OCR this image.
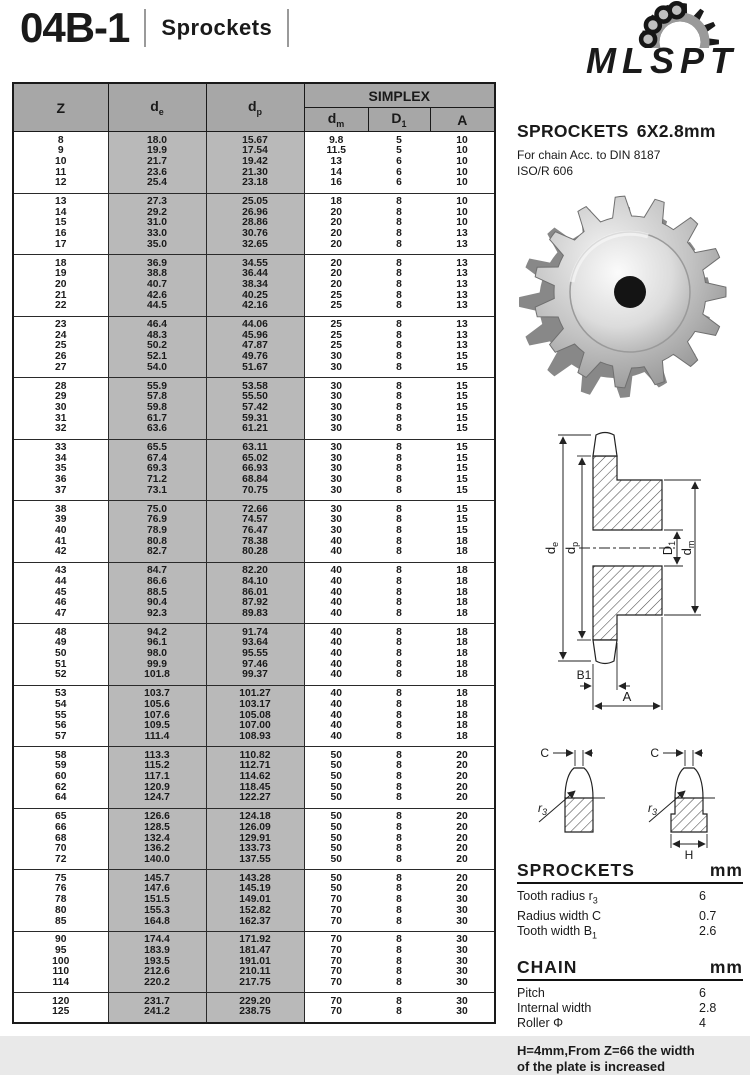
04B-1 Sprockets
MLSPT
Z	$d_e$	$d_p$	SIMPLEX		
			$d_m$	$D_1$	A
8	18.0	15.67	9.8	5	10
9	19.9	17.54	11.5	5	10
10	21.7	19.42	13	6	10
11	23.6	21.30	14	6	10
12	25.4	23.18	16	6	10
13	27.3	25.05	18	8	10
14	29.2	26.96	20	8	10
15	31.0	28.86	20	8	10
16	33.0	30.76	20	8	13
17	35.0	32.65	20	8	13
18	36.9	34.55	20	8	13
19	38.8	36.44	20	8	13
20	40.7	38.34	20	8	13
21	42.6	40.25	25	8	13
22	44.5	42.16	25	8	13
23	46.4	44.06	25	8	13
24	48.3	45.96	25	8	13
25	50.2	47.87	25	8	13
26	52.1	49.76	30	8	15
27	54.0	51.67	30	8	15
28	55.9	53.58	30	8	15
29	57.8	55.50	30	8	15
30	59.8	57.42	30	8	15
31	61.7	59.31	30	8	15
32	63.6	61.21	30	8	15
33	65.5	63.11	30	8	15
34	67.4	65.02	30	8	15
35	69.3	66.93	30	8	15
36	71.2	68.84	30	8	15
37	73.1	70.75	30	8	15
38	75.0	72.66	30	8	15
39	76.9	74.57	30	8	15
40	78.9	76.47	30	8	15
41	80.8	78.38	40	8	18
42	82.7	80.28	40	8	18
43	84.7	82.20	40	8	18
44	86.6	84.10	40	8	18
45	88.5	86.01	40	8	18
46	90.4	87.92	40	8	18
47	92.3	89.83	40	8	18
48	94.2	91.74	40	8	18
49	96.1	93.64	40	8	18
50	98.0	95.55	40	8	18
51	99.9	97.46	40	8	18
52	101.8	99.37	40	8	18
53	103.7	101.27	40	8	18
54	105.6	103.17	40	8	18
55	107.6	105.08	40	8	18
56	109.5	107.00	40	8	18
57	111.4	108.93	40	8	18
58	113.3	110.82	50	8	20
59	115.2	112.71	50	8	20
60	117.1	114.62	50	8	20
62	120.9	118.45	50	8	20
64	124.7	122.27	50	8	20
65	126.6	124.18	50	8	20
66	128.5	126.09	50	8	20
68	132.4	129.91	50	8	20
70	136.2	133.73	50	8	20
72	140.0	137.55	50	8	20
75	145.7	143.28	50	8	20
76	147.6	145.19	50	8	20
78	151.5	149.01	70	8	30
80	155.3	152.82	70	8	30
85	164.8	162.37	70	8	30
90	174.4	171.92	70	8	30
95	183.9	181.47	70	8	30
100	193.5	191.01	70	8	30
110	212.6	210.11	70	8	30
114	220.2	217.75	70	8	30
120	231.7	229.20	70	8	30
125	241.2	238.75	70	8	30
SPROCKETS 6X2.8mm
For chain Acc. to DIN 8187
ISO/R 606
$d_e$
$d_p$
$D_1$
$d_m$
B1
A
C
$r_3$
C
$r_3$
H
SPROCKETS	mm
Tooth radius $r_3$	6
Radius width C	0.7
Tooth width $B_1$	2.6
CHAIN	mm
Pitch	6
Internal width	2.8
Roller Φ	4
H=4mm,From Z=66 the width
of the plate is increased
